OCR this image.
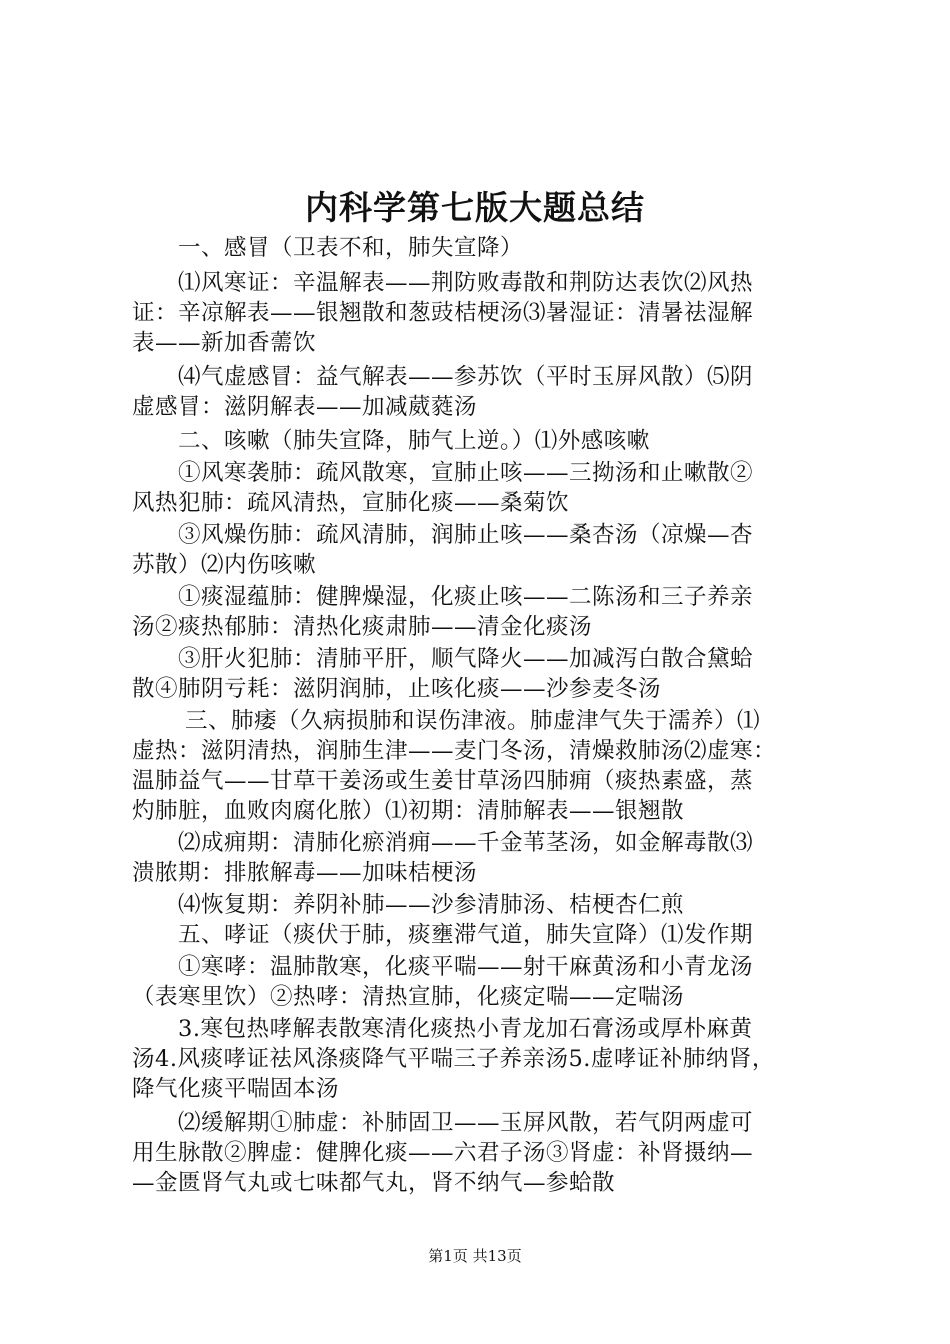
内科学第七版大题总结
一、感冒（卫表不和，肺失宣降）
⑴风寒证：辛温解表——荆防败毒散和荆防达表饮⑵风热
证：辛凉解表——银翘散和葱豉桔梗汤⑶暑湿证：清暑祛湿解
表——新加香薷饮
⑷气虚感冒：益气解表——参苏饮（平时玉屏风散）⑸阴
虚感冒：滋阴解表——加减葳蕤汤
二、咳嗽（肺失宣降，肺气上逆。）⑴外感咳嗽
①风寒袭肺：疏风散寒，宣肺止咳——三拗汤和止嗽散②
风热犯肺：疏风清热，宣肺化痰——桑菊饮
③风燥伤肺：疏风清肺，润肺止咳——桑杏汤（凉燥—杏
苏散）⑵内伤咳嗽
①痰湿蕴肺：健脾燥湿，化痰止咳——二陈汤和三子养亲
汤②痰热郁肺：清热化痰肃肺——清金化痰汤
③肝火犯肺：清肺平肝，顺气降火——加减泻白散合黛蛤
散④肺阴亏耗：滋阴润肺，止咳化痰——沙参麦冬汤
三、肺痿（久病损肺和误伤津液。肺虚津气失于濡养）⑴
虚热：滋阴清热，润肺生津——麦门冬汤，清燥救肺汤⑵虚寒：
温肺益气——甘草干姜汤或生姜甘草汤四肺痈（痰热素盛，蒸
灼肺脏，血败肉腐化脓）⑴初期：清肺解表——银翘散
⑵成痈期：清肺化瘀消痈——千金苇茎汤，如金解毒散⑶
溃脓期：排脓解毒——加味桔梗汤
⑷恢复期：养阴补肺——沙参清肺汤、桔梗杏仁煎
五、哮证（痰伏于肺，痰壅滞气道，肺失宣降）⑴发作期
①寒哮：温肺散寒，化痰平喘——射干麻黄汤和小青龙汤
（表寒里饮）②热哮：清热宣肺，化痰定喘——定喘汤
3.寒包热哮解表散寒清化痰热小青龙加石膏汤或厚朴麻黄
汤4.风痰哮证祛风涤痰降气平喘三子养亲汤5.虚哮证补肺纳肾，
降气化痰平喘固本汤
⑵缓解期①肺虚：补肺固卫——玉屏风散，若气阴两虚可
用生脉散②脾虚：健脾化痰——六君子汤③肾虚：补肾摄纳—
—金匮肾气丸或七味都气丸，肾不纳气—参蛤散
第1页 共13页
